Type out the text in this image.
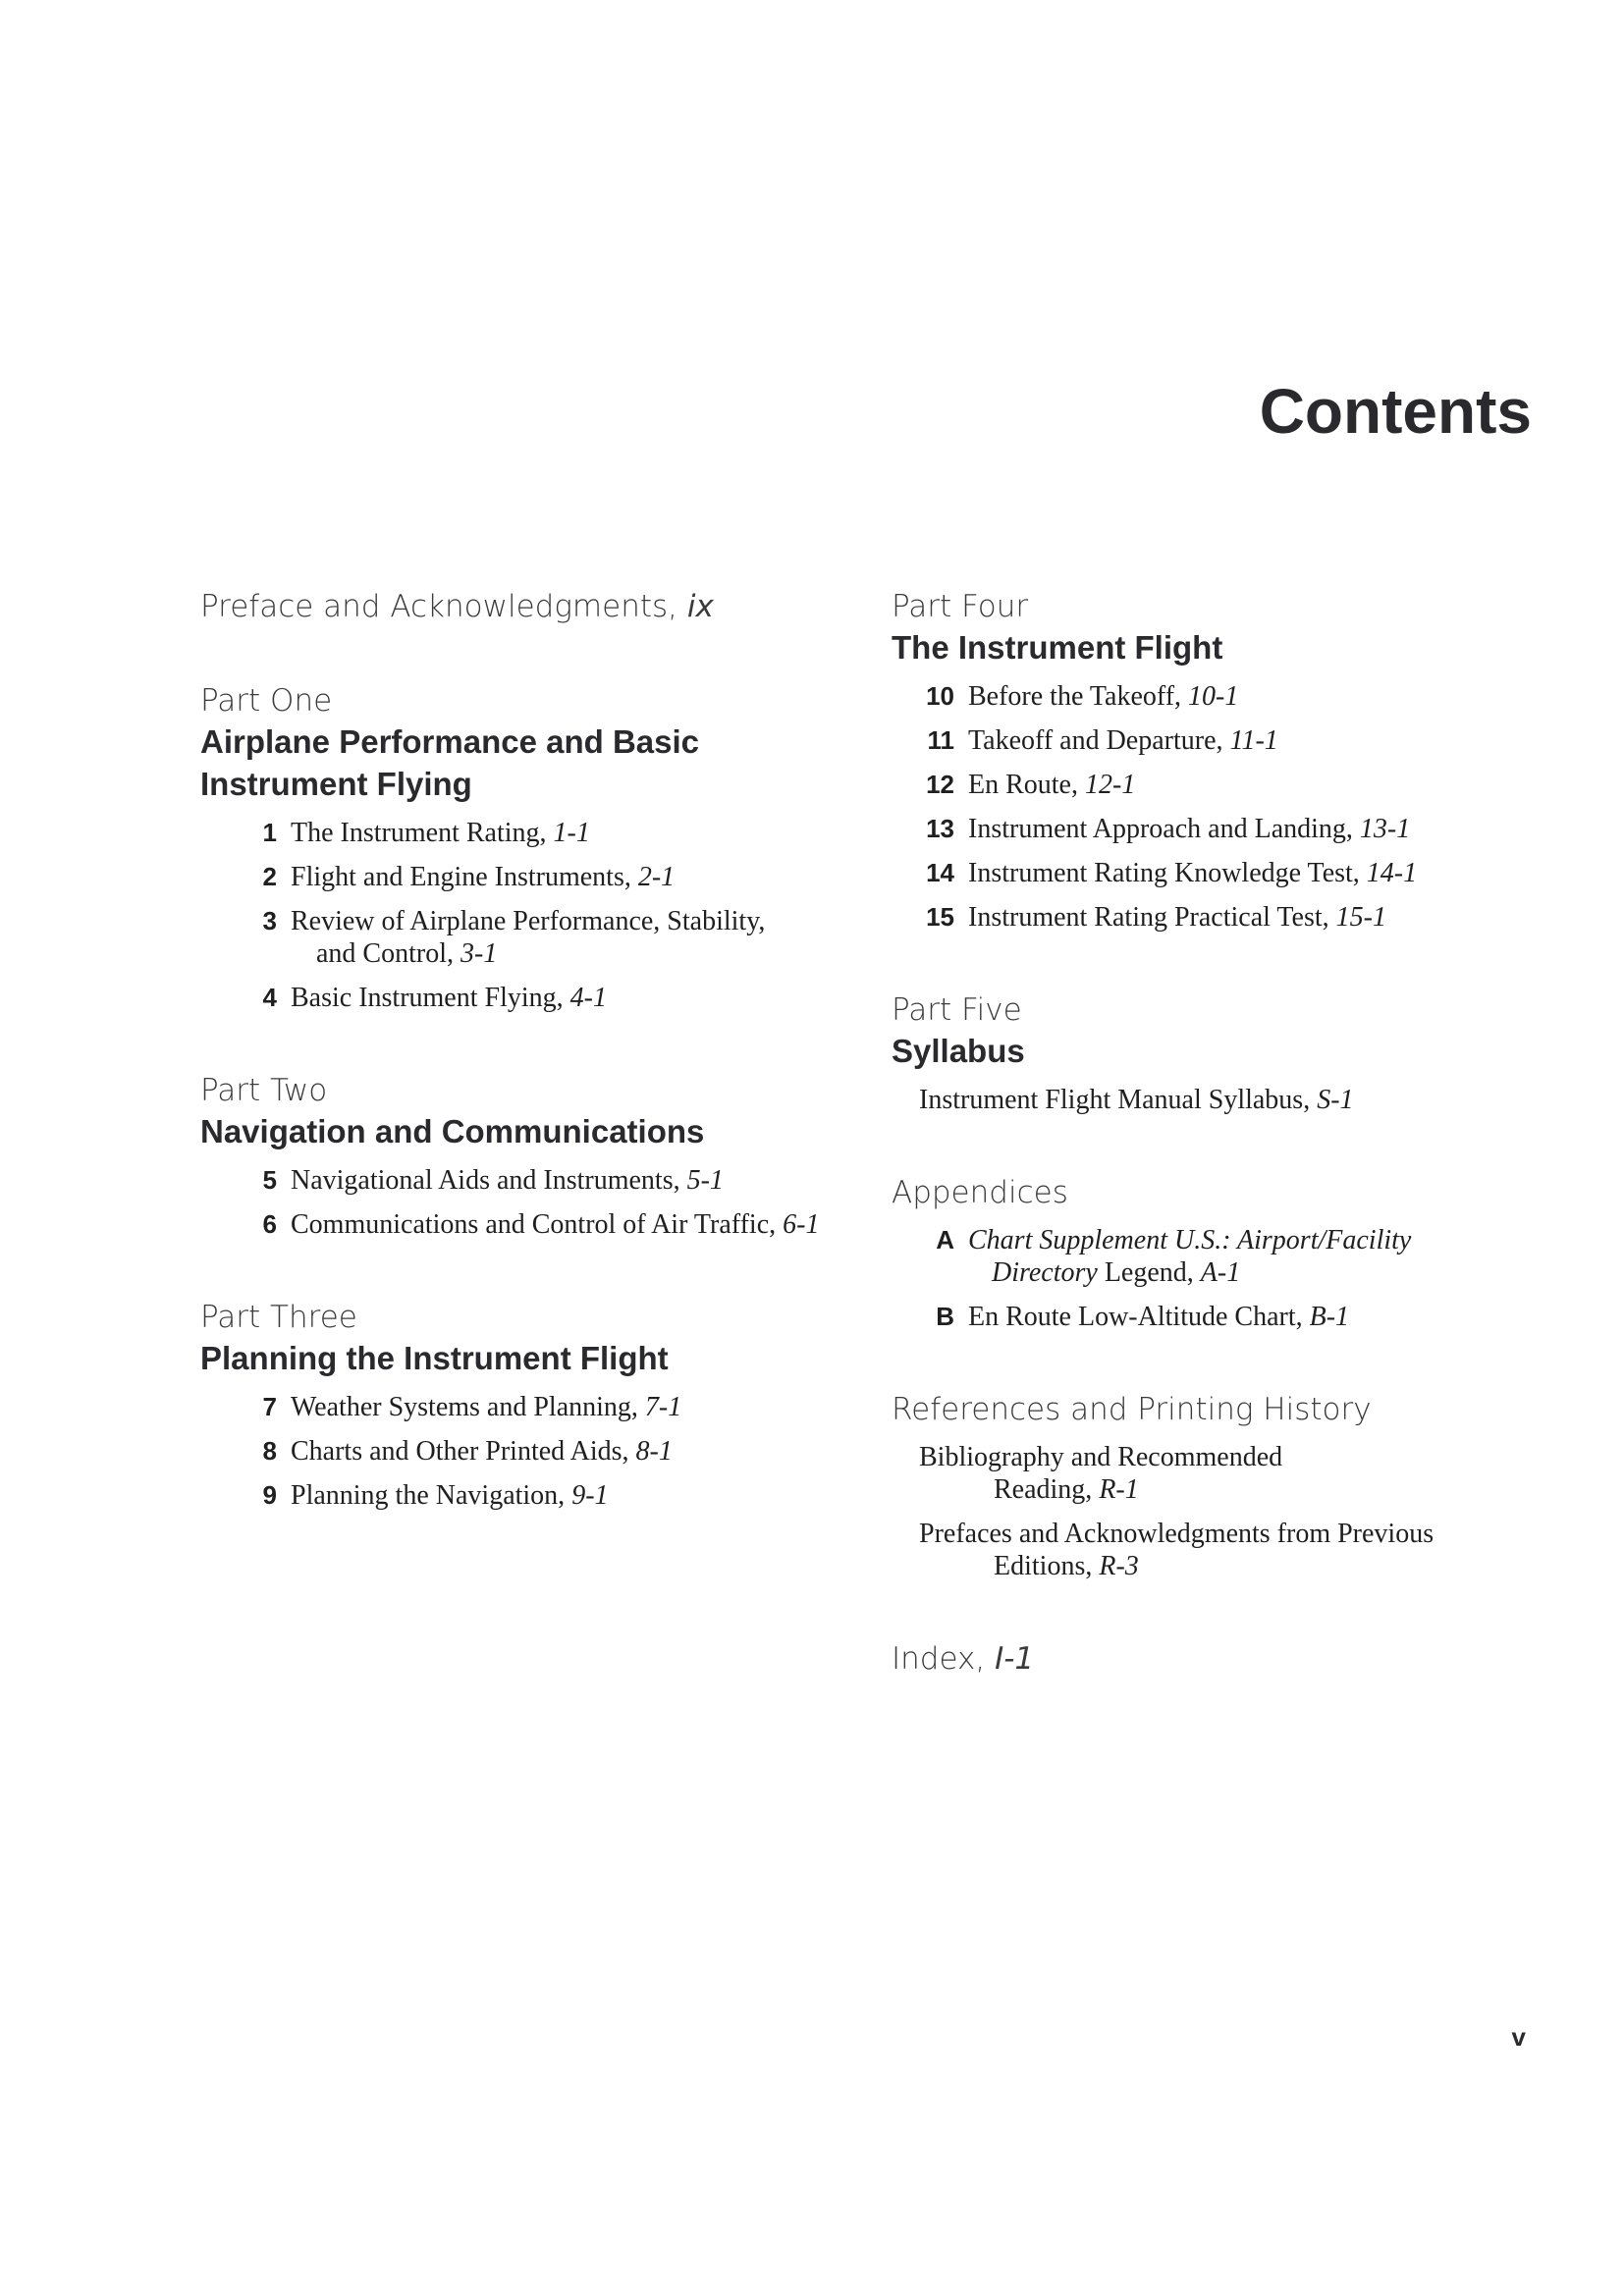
Contents
Preface and Acknowledgments, ix
Part One
Airplane Performance and Basic
Instrument Flying
1 The Instrument Rating, 1-1
2 Flight and Engine Instruments, 2-1
3 Review of Airplane Performance, Stability,
and Control, 3-1
4 Basic Instrument Flying, 4-1
Part Two
Navigation and Communications
5 Navigational Aids and Instruments, 5-1
6 Communications and Control of Air Traffic, 6-1
Part Three
Planning the Instrument Flight
7 Weather Systems and Planning, 7-1
8 Charts and Other Printed Aids, 8-1
9 Planning the Navigation, 9-1
Part Four
The Instrument Flight
10 Before the Takeoff, 10-1
11 Takeoff and Departure, 11-1
12 En Route, 12-1
13 Instrument Approach and Landing, 13-1
14 Instrument Rating Knowledge Test, 14-1
15 Instrument Rating Practical Test, 15-1
Part Five
Syllabus
Instrument Flight Manual Syllabus, S-1
Appendices
A Chart Supplement U.S.: Airport/Facility
Directory Legend, A-1
B En Route Low-Altitude Chart, B-1
References and Printing History
Bibliography and Recommended
Reading, R-1
Prefaces and Acknowledgments from Previous
Editions, R-3
Index, I-1

v
